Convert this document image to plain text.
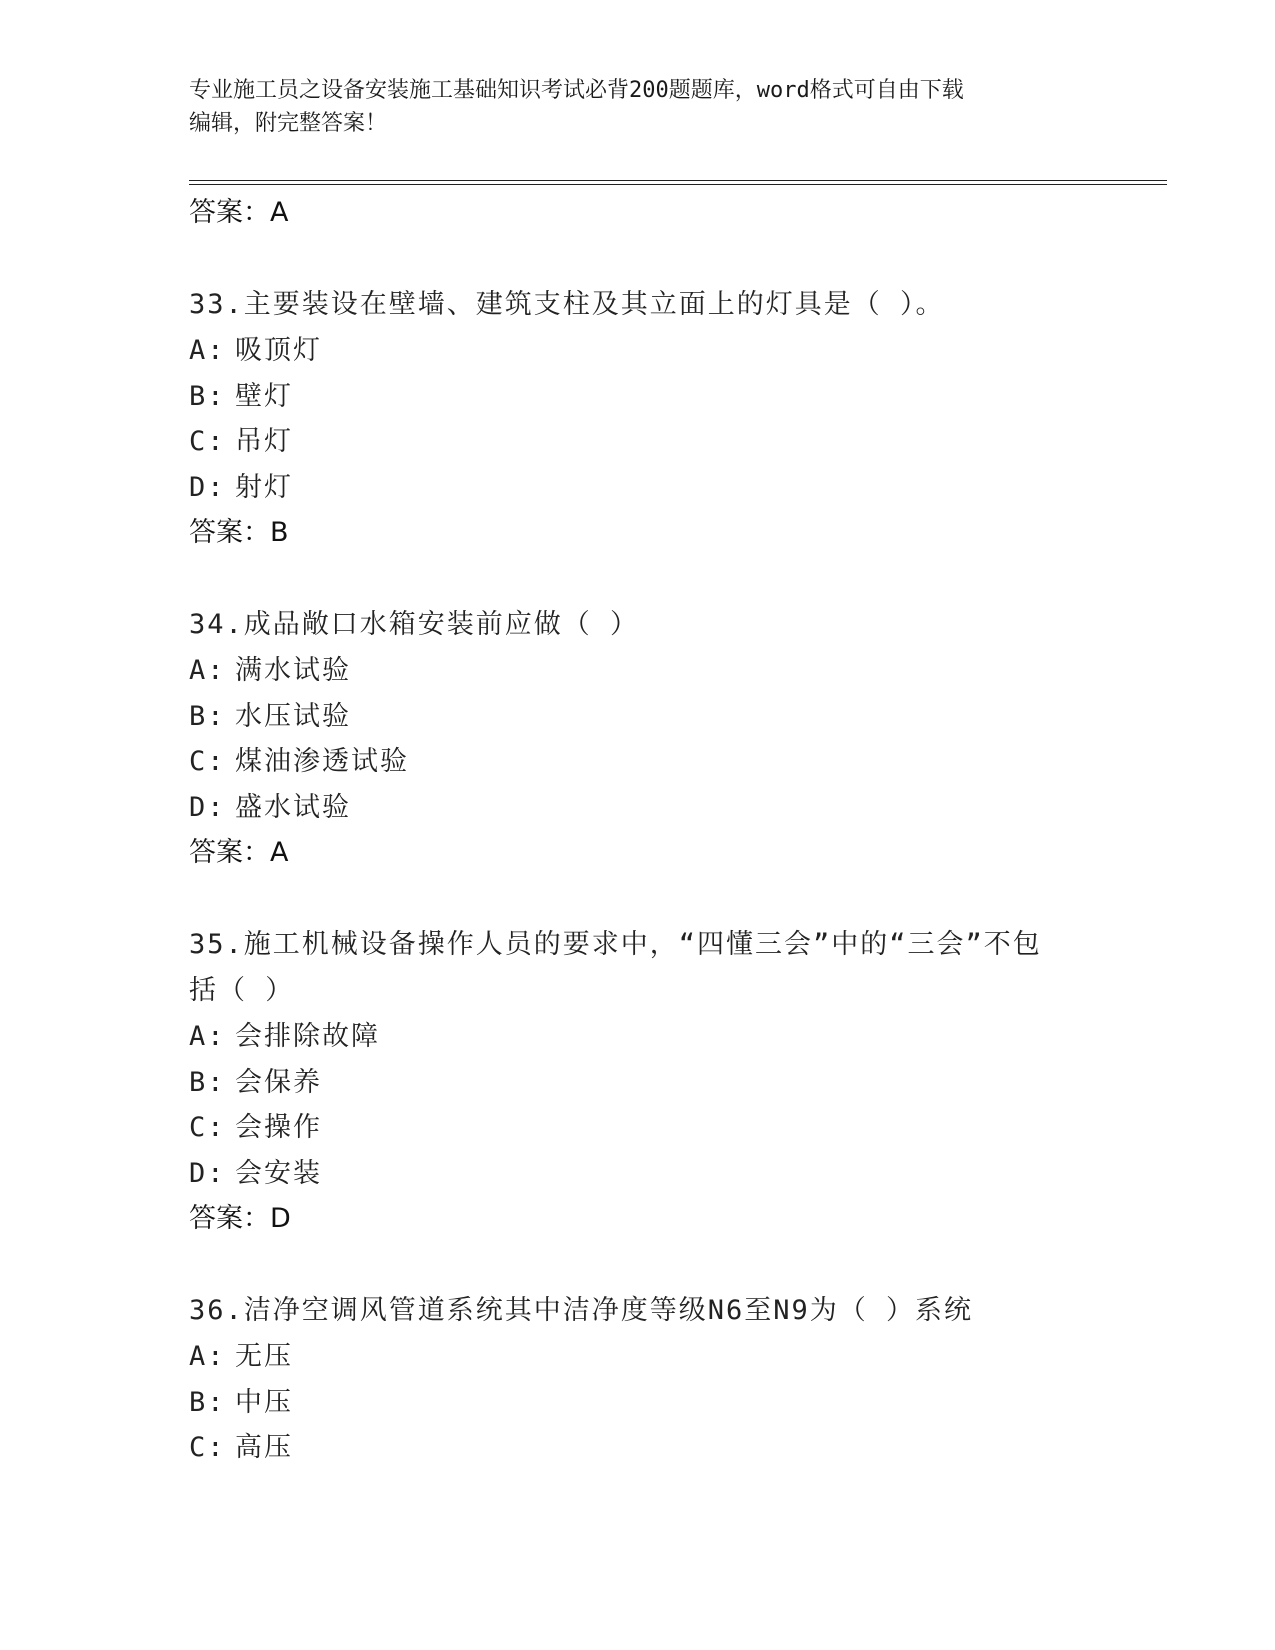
专业施工员之设备安装施工基础知识考试必背200题题库，word格式可自由下载
编辑，附完整答案！
答案：A
33.主要装设在壁墙、建筑支柱及其立面上的灯具是（ ）。
A: 吸顶灯
B: 壁灯
C: 吊灯
D: 射灯
答案：B
34.成品敞口水箱安装前应做（ ）
A: 满水试验
B: 水压试验
C: 煤油渗透试验
D: 盛水试验
答案：A
35.施工机械设备操作人员的要求中，“四懂三会”中的“三会”不包
括（ ）
A: 会排除故障
B: 会保养
C: 会操作
D: 会安装
答案：D
36.洁净空调风管道系统其中洁净度等级N6至N9为（ ）系统
A: 无压
B: 中压
C: 高压
